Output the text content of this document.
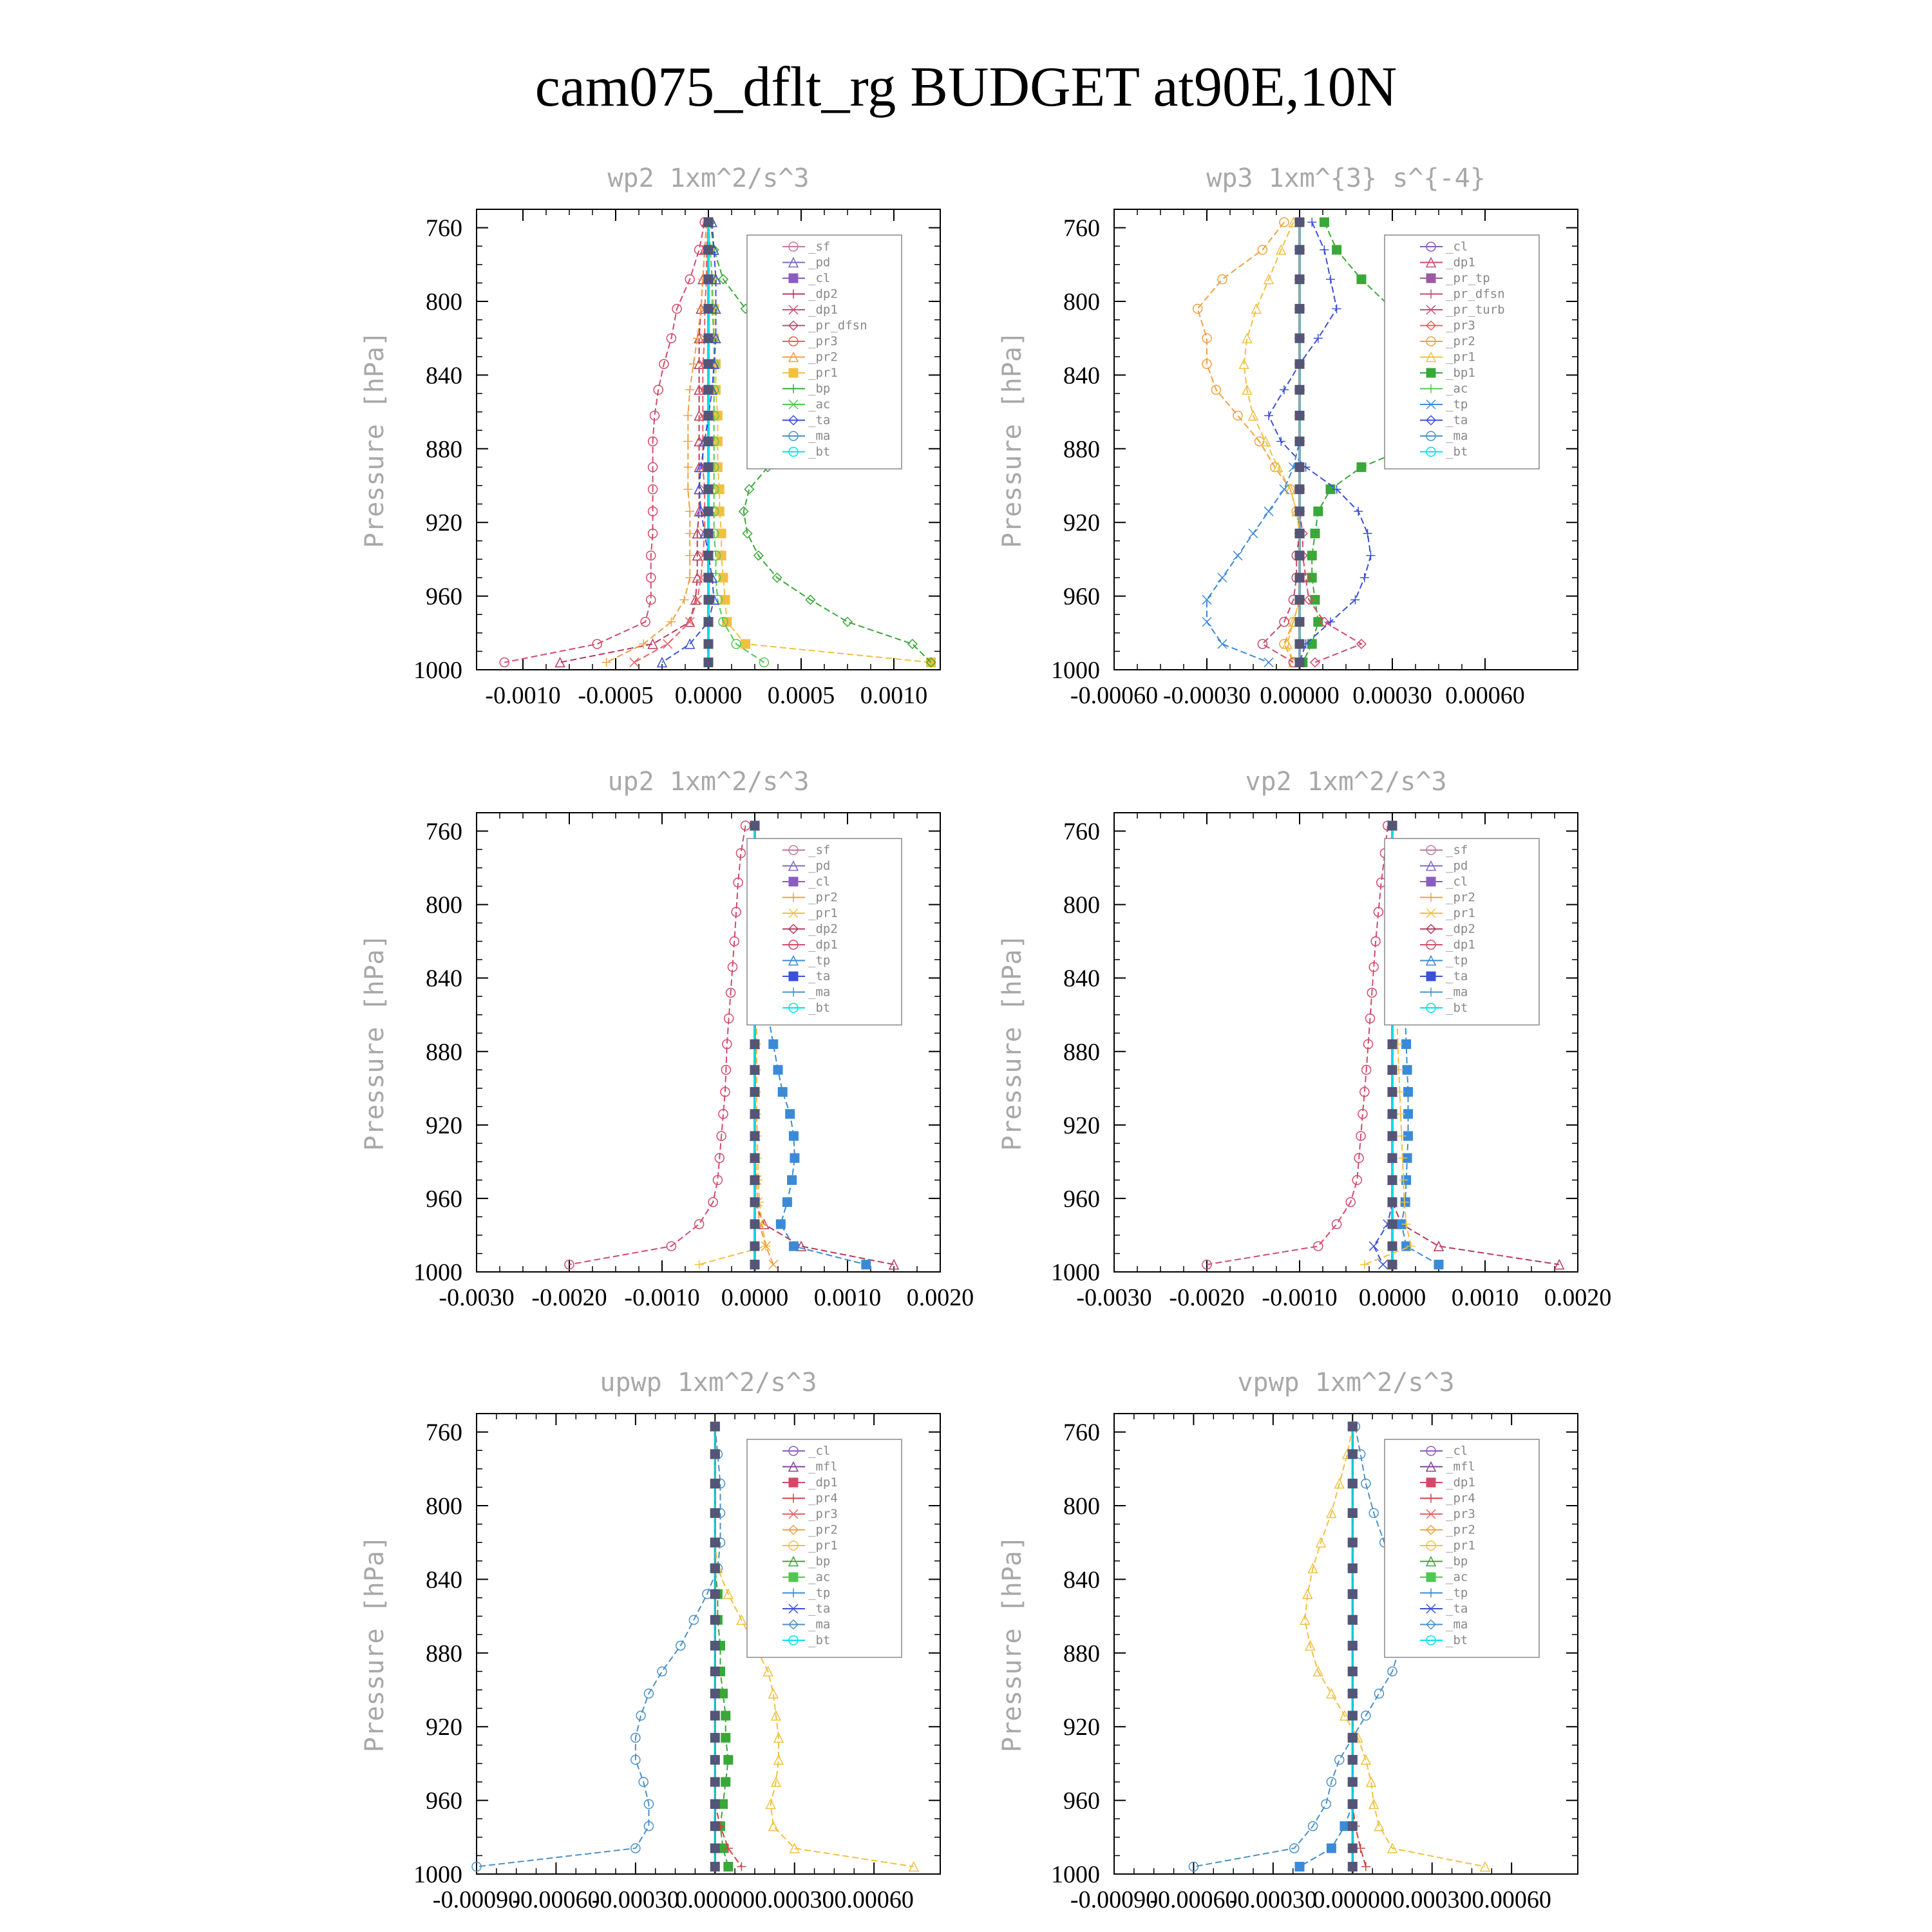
cam075_dflt_rg BUDGET at90E,10N
wp2 1xm^2/s^3
Pressure [hPa]
760
800
840
880
920
960
1000
-0.0010 -0.0005 0.0000 0.0005 0.0010
_sf
_pd
_cl
_dp2
_dp1
_pr_dfsn
_pr3
_pr2
_pr1
_bp
_ac
_ta
_ma
_bt
wp3 1xm^{3} s^{-4}
Pressure [hPa]
760
800
840
880
920
960
1000
-0.00060 -0.00030 0.00000 0.00030 0.00060
_cl
_dp1
_pr_tp
_pr_dfsn
_pr_turb
_pr3
_pr2
_pr1
_bp1
_ac
_tp
_ta
_ma
_bt
up2 1xm^2/s^3
Pressure [hPa]
760
800
840
880
920
960
1000
-0.0030 -0.0020 -0.0010 0.0000 0.0010 0.0020
_sf
_pd
_cl
_pr2
_pr1
_dp2
_dp1
_tp
_ta
_ma
_bt
vp2 1xm^2/s^3
Pressure [hPa]
760
800
840
880
920
960
1000
-0.0030 -0.0020 -0.0010 0.0000 0.0010 0.0020
_sf
_pd
_cl
_pr2
_pr1
_dp2
_dp1
_tp
_ta
_ma
_bt
upwp 1xm^2/s^3
Pressure [hPa]
760
800
840
880
920
960
1000
-0.00090
-0.00060
-0.00030
0.00000 0.00030 0.00060
_cl
_mfl
_dp1
_pr4
_pr3
_pr2
_pr1
_bp
_ac
_tp
_ta
_ma
_bt
vpwp 1xm^2/s^3
Pressure [hPa]
760
800
840
880
920
960
1000
-0.00090
-0.00060
-0.00030
0.00000 0.00030 0.00060
_cl
_mfl
_dp1
_pr4
_pr3
_pr2
_pr1
_bp
_ac
_tp
_ta
_ma
_bt
